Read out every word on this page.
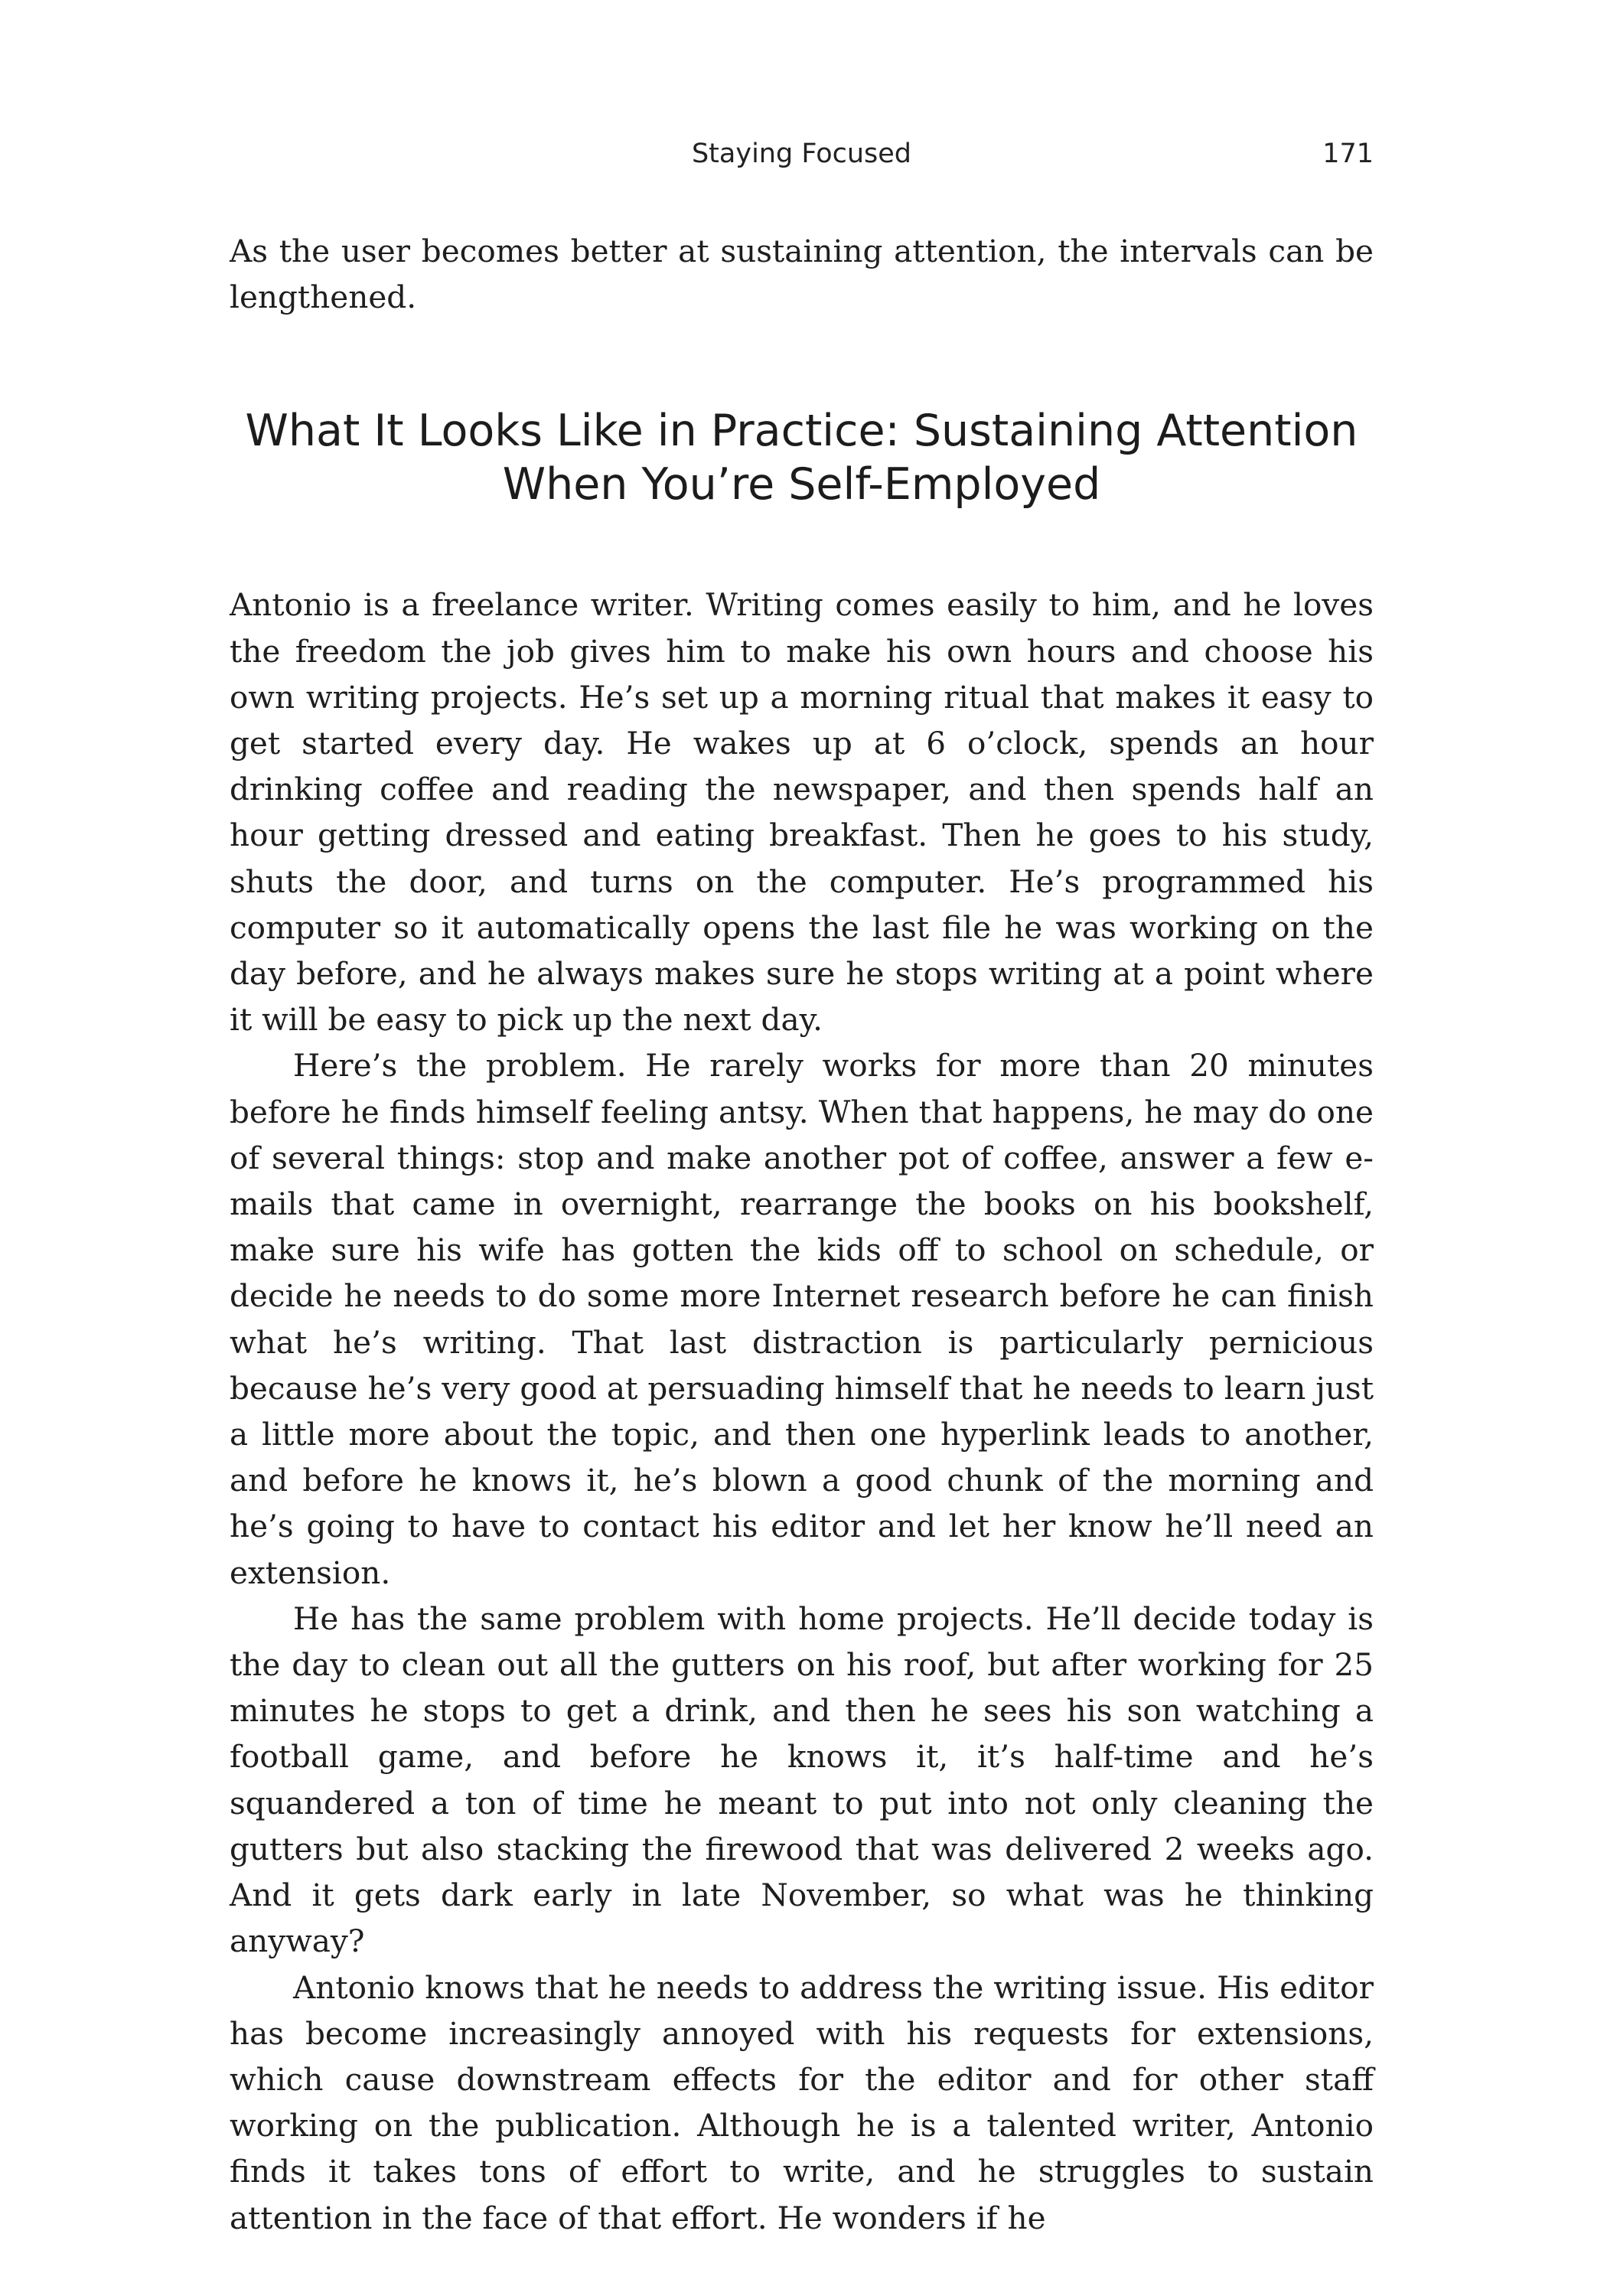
Staying Focused	171

As the user becomes better at sustaining attention, the intervals can be lengthened.

What It Looks Like in Practice: Sustaining Attention
When You’re Self-Employed

Antonio is a freelance writer. Writing comes easily to him, and he loves the freedom the job gives him to make his own hours and choose his own writing projects. He’s set up a morning ritual that makes it easy to get started every day. He wakes up at 6 o’clock, spends an hour drinking coffee and reading the newspaper, and then spends half an hour getting dressed and eating breakfast. Then he goes to his study, shuts the door, and turns on the computer. He’s programmed his computer so it automatically opens the last file he was working on the day before, and he always makes sure he stops writing at a point where it will be easy to pick up the next day.

Here’s the problem. He rarely works for more than 20 minutes before he finds himself feeling antsy. When that happens, he may do one of several things: stop and make another pot of coffee, answer a few e-mails that came in overnight, rearrange the books on his bookshelf, make sure his wife has gotten the kids off to school on schedule, or decide he needs to do some more Internet research before he can finish what he’s writing. That last distraction is particularly pernicious because he’s very good at persuading himself that he needs to learn just a little more about the topic, and then one hyperlink leads to another, and before he knows it, he’s blown a good chunk of the morning and he’s going to have to contact his editor and let her know he’ll need an extension.

He has the same problem with home projects. He’ll decide today is the day to clean out all the gutters on his roof, but after working for 25 minutes he stops to get a drink, and then he sees his son watching a football game, and before he knows it, it’s half-time and he’s squandered a ton of time he meant to put into not only cleaning the gutters but also stacking the firewood that was delivered 2 weeks ago. And it gets dark early in late November, so what was he thinking anyway?

Antonio knows that he needs to address the writing issue. His editor has become increasingly annoyed with his requests for extensions, which cause downstream effects for the editor and for other staff working on the publication. Although he is a talented writer, Antonio finds it takes tons of effort to write, and he struggles to sustain attention in the face of that effort. He wonders if he
